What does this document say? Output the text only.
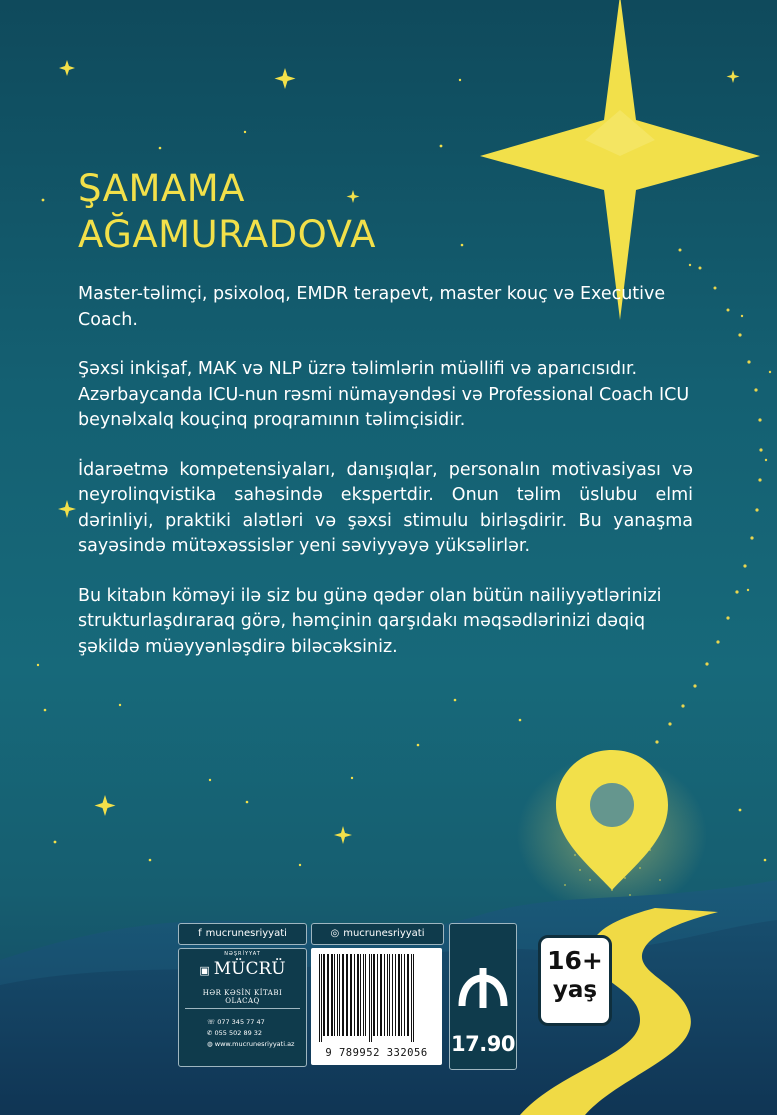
ŞAMAMA
AĞAMURADOVA

Master-təlimçi, psixoloq, EMDR terapevt, master kouç və Executive Coach.

Şəxsi inkişaf, MAK və NLP üzrə təlimlərin müəllifi və aparıcısıdır. Azərbaycanda ICU-nun rəsmi nümayəndəsi və Professional Coach ICU beynəlxalq kouçinq proqramının təlimçisidir.

İdarəetmə kompetensiyaları, danışıqlar, personalın motivasiyası və neyrolinqvistika sahəsində ekspertdir. Onun təlim üslubu elmi dərinliyi, praktiki alətləri və şəxsi stimulu birləşdirir. Bu yanaşma sayəsində mütəxəssislər yeni səviyyəyə yüksəlirlər.

Bu kitabın köməyi ilə siz bu günə qədər olan bütün nailiyyətlərinizi strukturlaşdıraraq görə, həmçinin qarşıdakı məqsədlərinizi dəqiq şəkildə müəyyənləşdirə biləcəksiniz.

f mucrunesriyyati	◎ mucrunesriyyati
NƏŞRİYYAT
▣ MÜCRÜ
HƏR KƏSİN KİTABI OLACAQ
☏ 077 345 77 47
✆ 055 502 89 32
◍ www.mucrunesriyyati.az
9 789952 332056	17.90
16+
yaş
